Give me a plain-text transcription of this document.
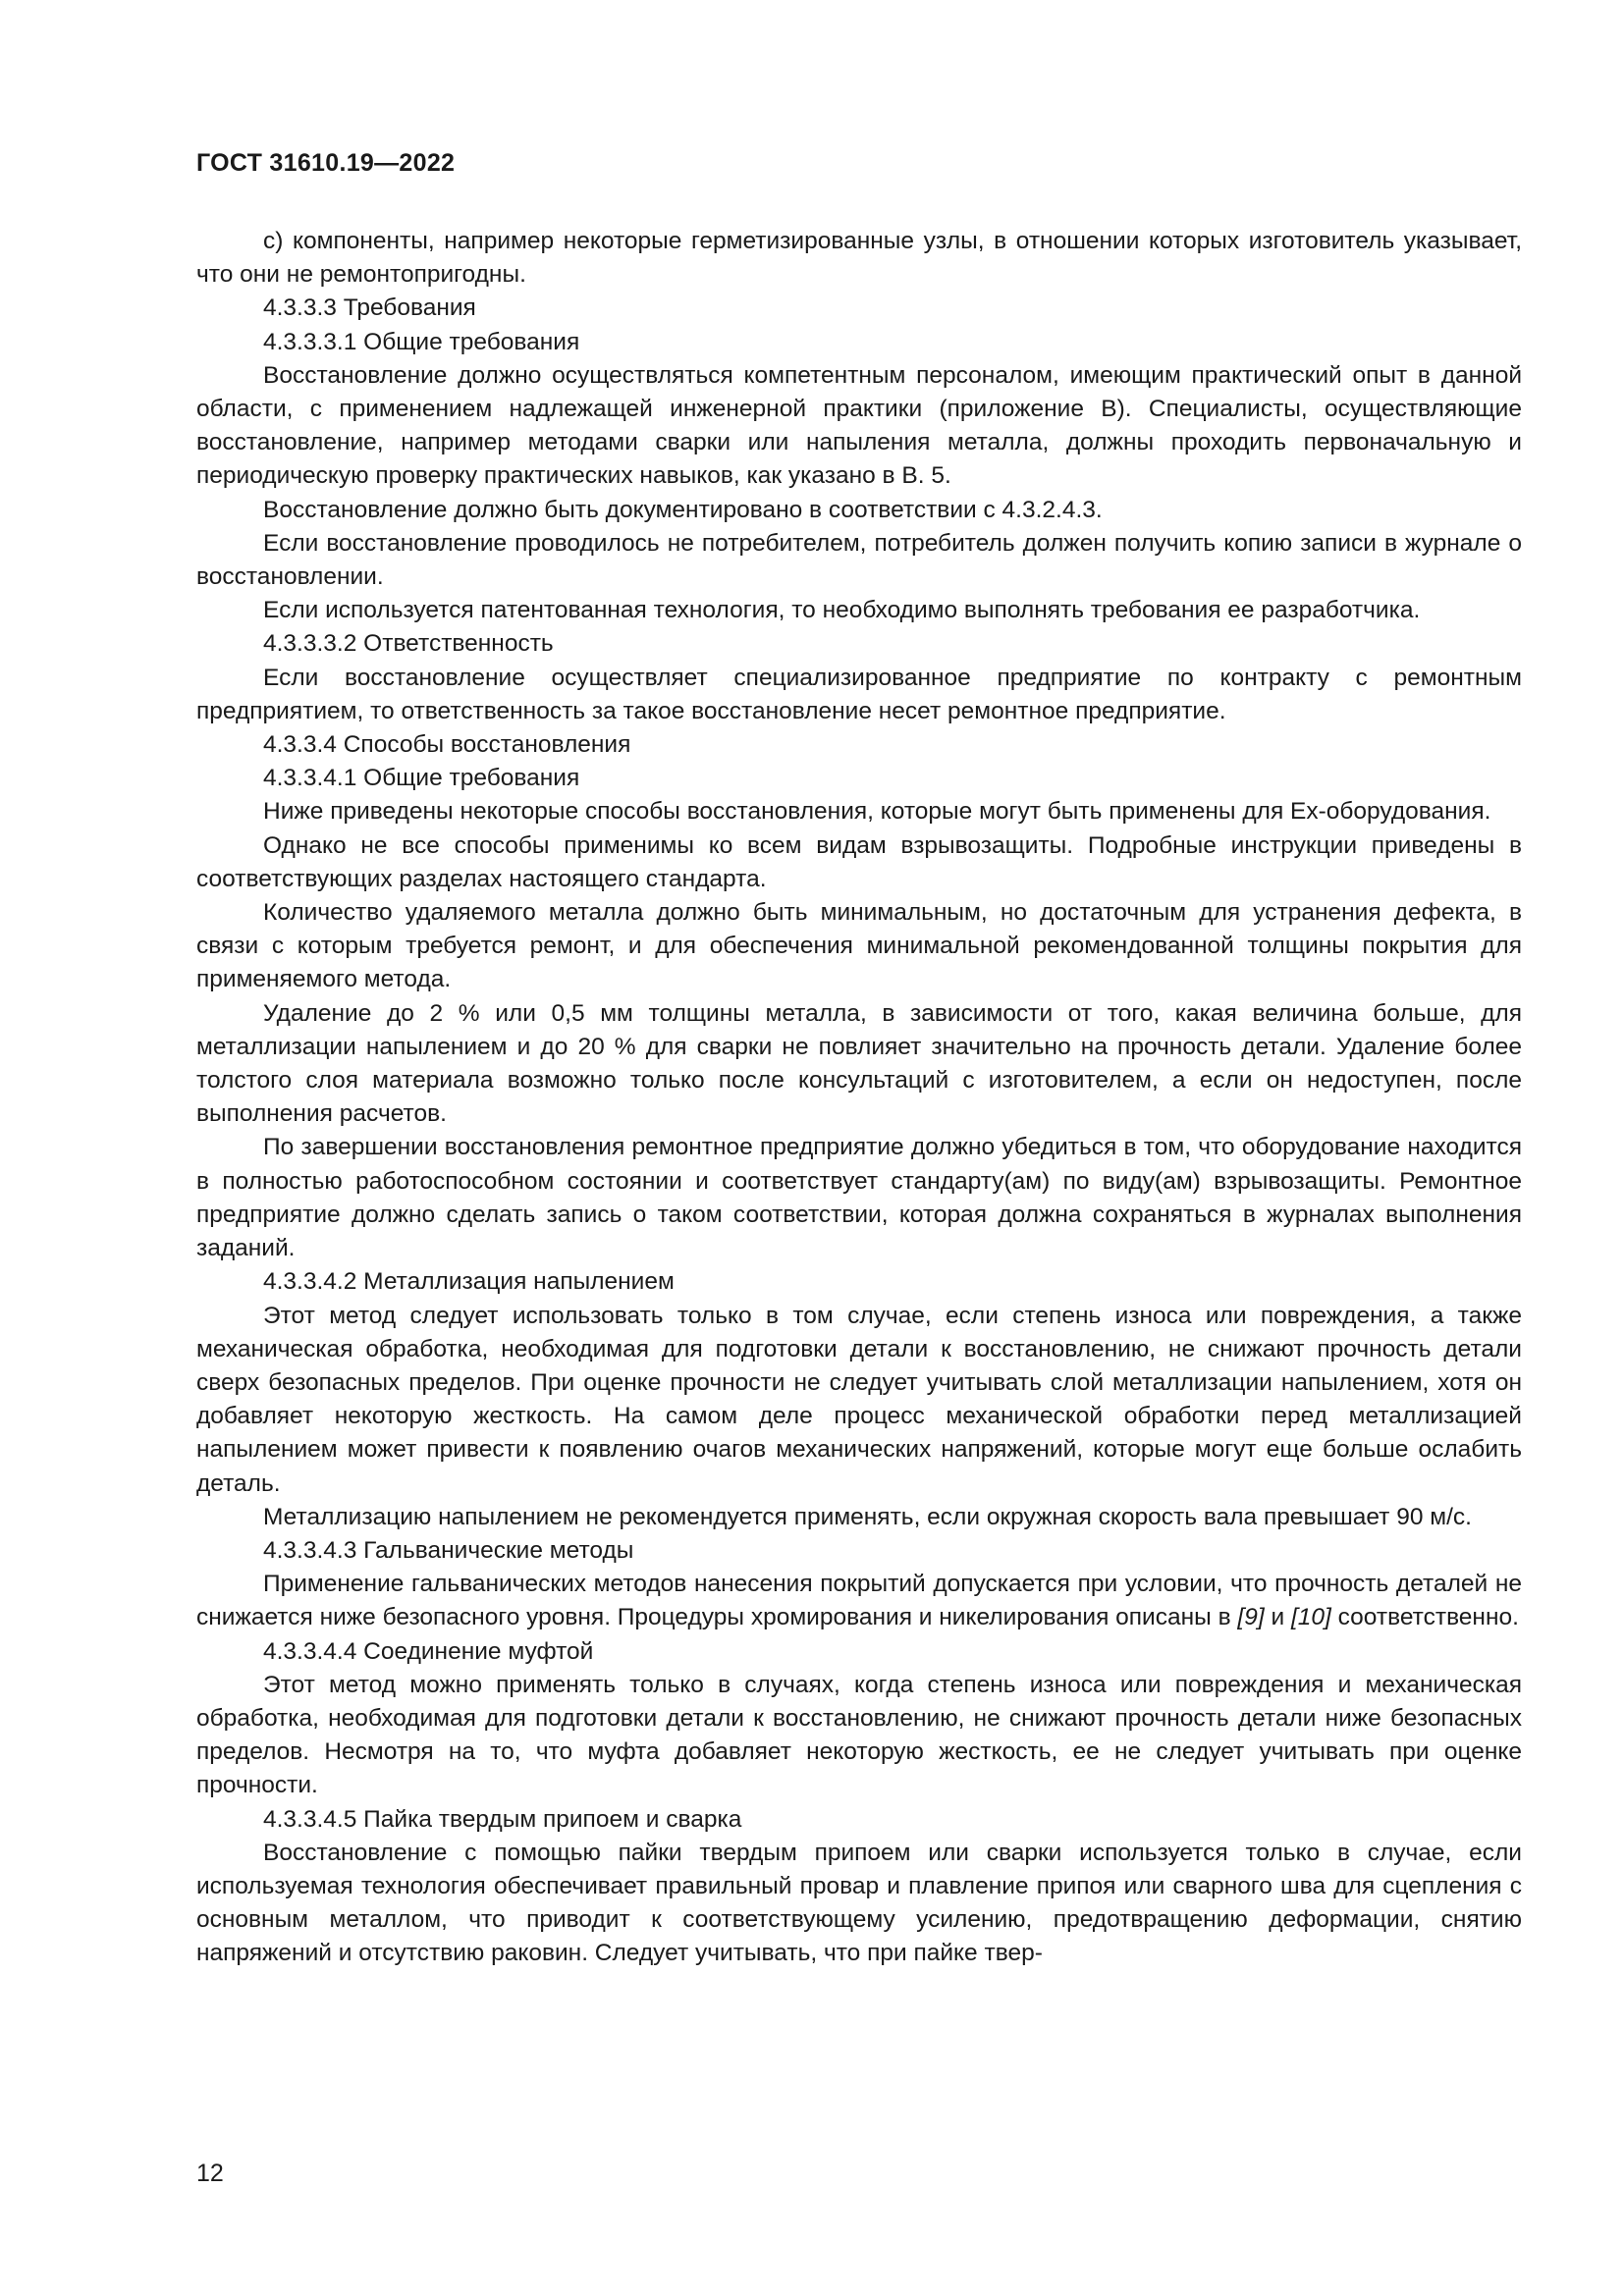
ГОСТ 31610.19—2022

c) компоненты, например некоторые герметизированные узлы, в отношении которых изготовитель указывает, что они не ремонтопригодны.

4.3.3.3 Требования

4.3.3.3.1 Общие требования

Восстановление должно осуществляться компетентным персоналом, имеющим практический опыт в данной области, с применением надлежащей инженерной практики (приложение В). Специалисты, осуществляющие восстановление, например методами сварки или напыления металла, должны проходить первоначальную и периодическую проверку практических навыков, как указано в В. 5.

Восстановление должно быть документировано в соответствии с 4.3.2.4.3.

Если восстановление проводилось не потребителем, потребитель должен получить копию записи в журнале о восстановлении.

Если используется патентованная технология, то необходимо выполнять требования ее разработчика.

4.3.3.3.2 Ответственность

Если восстановление осуществляет специализированное предприятие по контракту с ремонтным предприятием, то ответственность за такое восстановление несет ремонтное предприятие.

4.3.3.4 Способы восстановления

4.3.3.4.1 Общие требования

Ниже приведены некоторые способы восстановления, которые могут быть применены для Ex-оборудования.

Однако не все способы применимы ко всем видам взрывозащиты. Подробные инструкции приведены в соответствующих разделах настоящего стандарта.

Количество удаляемого металла должно быть минимальным, но достаточным для устранения дефекта, в связи с которым требуется ремонт, и для обеспечения минимальной рекомендованной толщины покрытия для применяемого метода.

Удаление до 2 % или 0,5 мм толщины металла, в зависимости от того, какая величина больше, для металлизации напылением и до 20 % для сварки не повлияет значительно на прочность детали. Удаление более толстого слоя материала возможно только после консультаций с изготовителем, а если он недоступен, после выполнения расчетов.

По завершении восстановления ремонтное предприятие должно убедиться в том, что оборудование находится в полностью работоспособном состоянии и соответствует стандарту(ам) по виду(ам) взрывозащиты. Ремонтное предприятие должно сделать запись о таком соответствии, которая должна сохраняться в журналах выполнения заданий.

4.3.3.4.2 Металлизация напылением

Этот метод следует использовать только в том случае, если степень износа или повреждения, а также механическая обработка, необходимая для подготовки детали к восстановлению, не снижают прочность детали сверх безопасных пределов. При оценке прочности не следует учитывать слой металлизации напылением, хотя он добавляет некоторую жесткость. На самом деле процесс механической обработки перед металлизацией напылением может привести к появлению очагов механических напряжений, которые могут еще больше ослабить деталь.

Металлизацию напылением не рекомендуется применять, если окружная скорость вала превышает 90 м/с.

4.3.3.4.3 Гальванические методы

Применение гальванических методов нанесения покрытий допускается при условии, что прочность деталей не снижается ниже безопасного уровня. Процедуры хромирования и никелирования описаны в [9] и [10] соответственно.

4.3.3.4.4 Соединение муфтой

Этот метод можно применять только в случаях, когда степень износа или повреждения и механическая обработка, необходимая для подготовки детали к восстановлению, не снижают прочность детали ниже безопасных пределов. Несмотря на то, что муфта добавляет некоторую жесткость, ее не следует учитывать при оценке прочности.

4.3.3.4.5 Пайка твердым припоем и сварка

Восстановление с помощью пайки твердым припоем или сварки используется только в случае, если используемая технология обеспечивает правильный провар и плавление припоя или сварного шва для сцепления с основным металлом, что приводит к соответствующему усилению, предотвращению деформации, снятию напряжений и отсутствию раковин. Следует учитывать, что при пайке твер-

12
